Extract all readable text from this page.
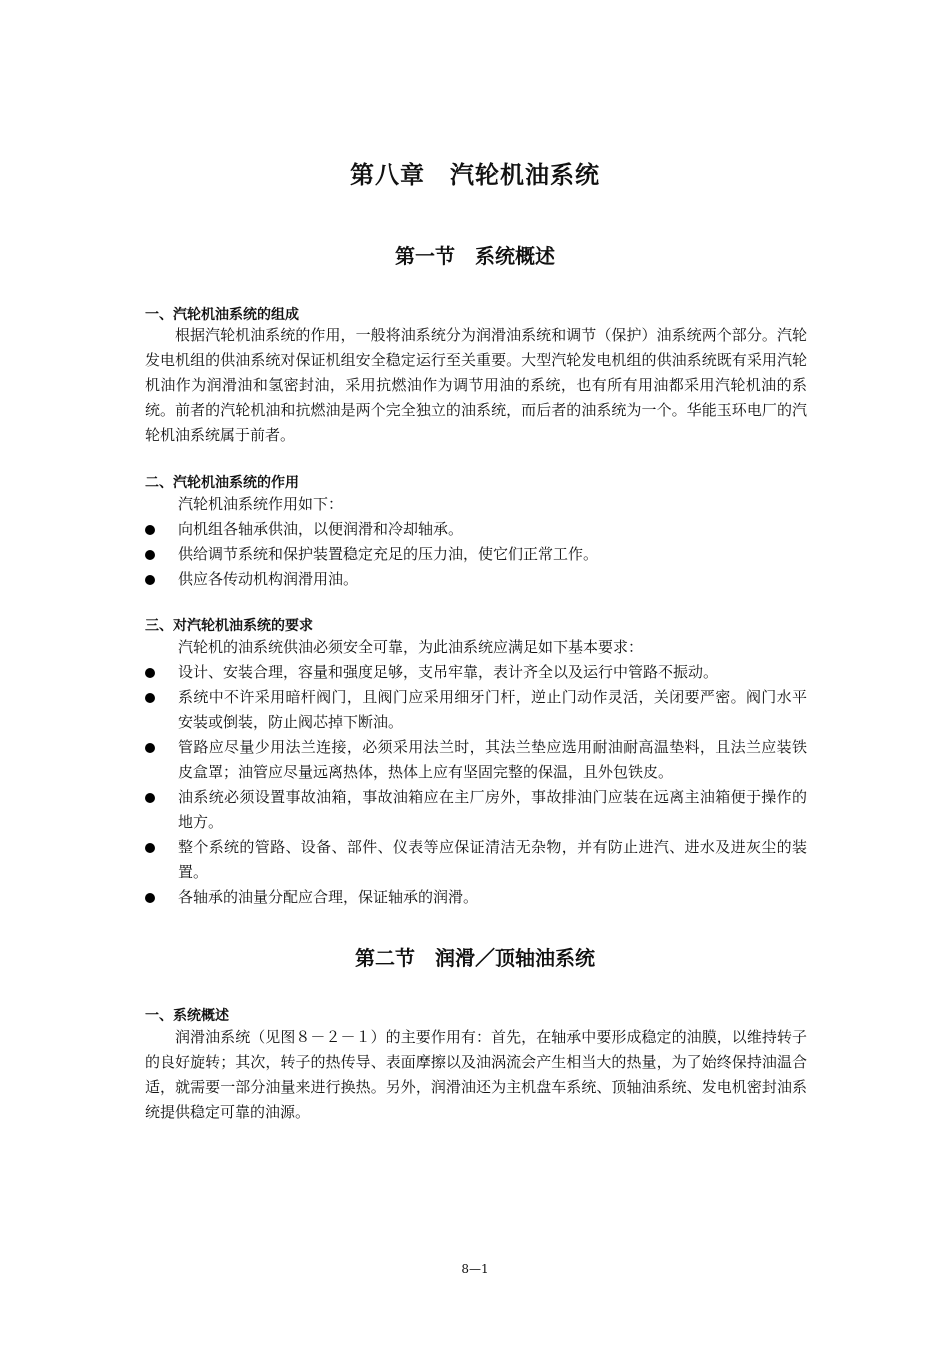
第八章　汽轮机油系统
第一节　系统概述
一、汽轮机油系统的组成

根据汽轮机油系统的作用，一般将油系统分为润滑油系统和调节（保护）油系统两个部分。汽轮发电机组的供油系统对保证机组安全稳定运行至关重要。大型汽轮发电机组的供油系统既有采用汽轮机油作为润滑油和氢密封油，采用抗燃油作为调节用油的系统，也有所有用油都采用汽轮机油的系统。前者的汽轮机油和抗燃油是两个完全独立的油系统，而后者的油系统为一个。华能玉环电厂的汽轮机油系统属于前者。

二、汽轮机油系统的作用
汽轮机油系统作用如下：
向机组各轴承供油，以便润滑和冷却轴承。
供给调节系统和保护装置稳定充足的压力油，使它们正常工作。
供应各传动机构润滑用油。
三、对汽轮机油系统的要求
汽轮机的油系统供油必须安全可靠，为此油系统应满足如下基本要求：
设计、安装合理，容量和强度足够，支吊牢靠，表计齐全以及运行中管路不振动。
系统中不许采用暗杆阀门，且阀门应采用细牙门杆，逆止门动作灵活，关闭要严密。阀门水平安装或倒装，防止阀芯掉下断油。
管路应尽量少用法兰连接，必须采用法兰时，其法兰垫应选用耐油耐高温垫料，且法兰应装铁皮盒罩；油管应尽量远离热体，热体上应有坚固完整的保温，且外包铁皮。
油系统必须设置事故油箱，事故油箱应在主厂房外，事故排油门应装在远离主油箱便于操作的地方。
整个系统的管路、设备、部件、仪表等应保证清洁无杂物，并有防止进汽、进水及进灰尘的装置。
各轴承的油量分配应合理，保证轴承的润滑。
第二节　润滑／顶轴油系统
一、系统概述

润滑油系统（见图８－２－１）的主要作用有：首先，在轴承中要形成稳定的油膜，以维持转子的良好旋转；其次，转子的热传导、表面摩擦以及油涡流会产生相当大的热量，为了始终保持油温合适，就需要一部分油量来进行换热。另外，润滑油还为主机盘车系统、顶轴油系统、发电机密封油系统提供稳定可靠的油源。

8—1
